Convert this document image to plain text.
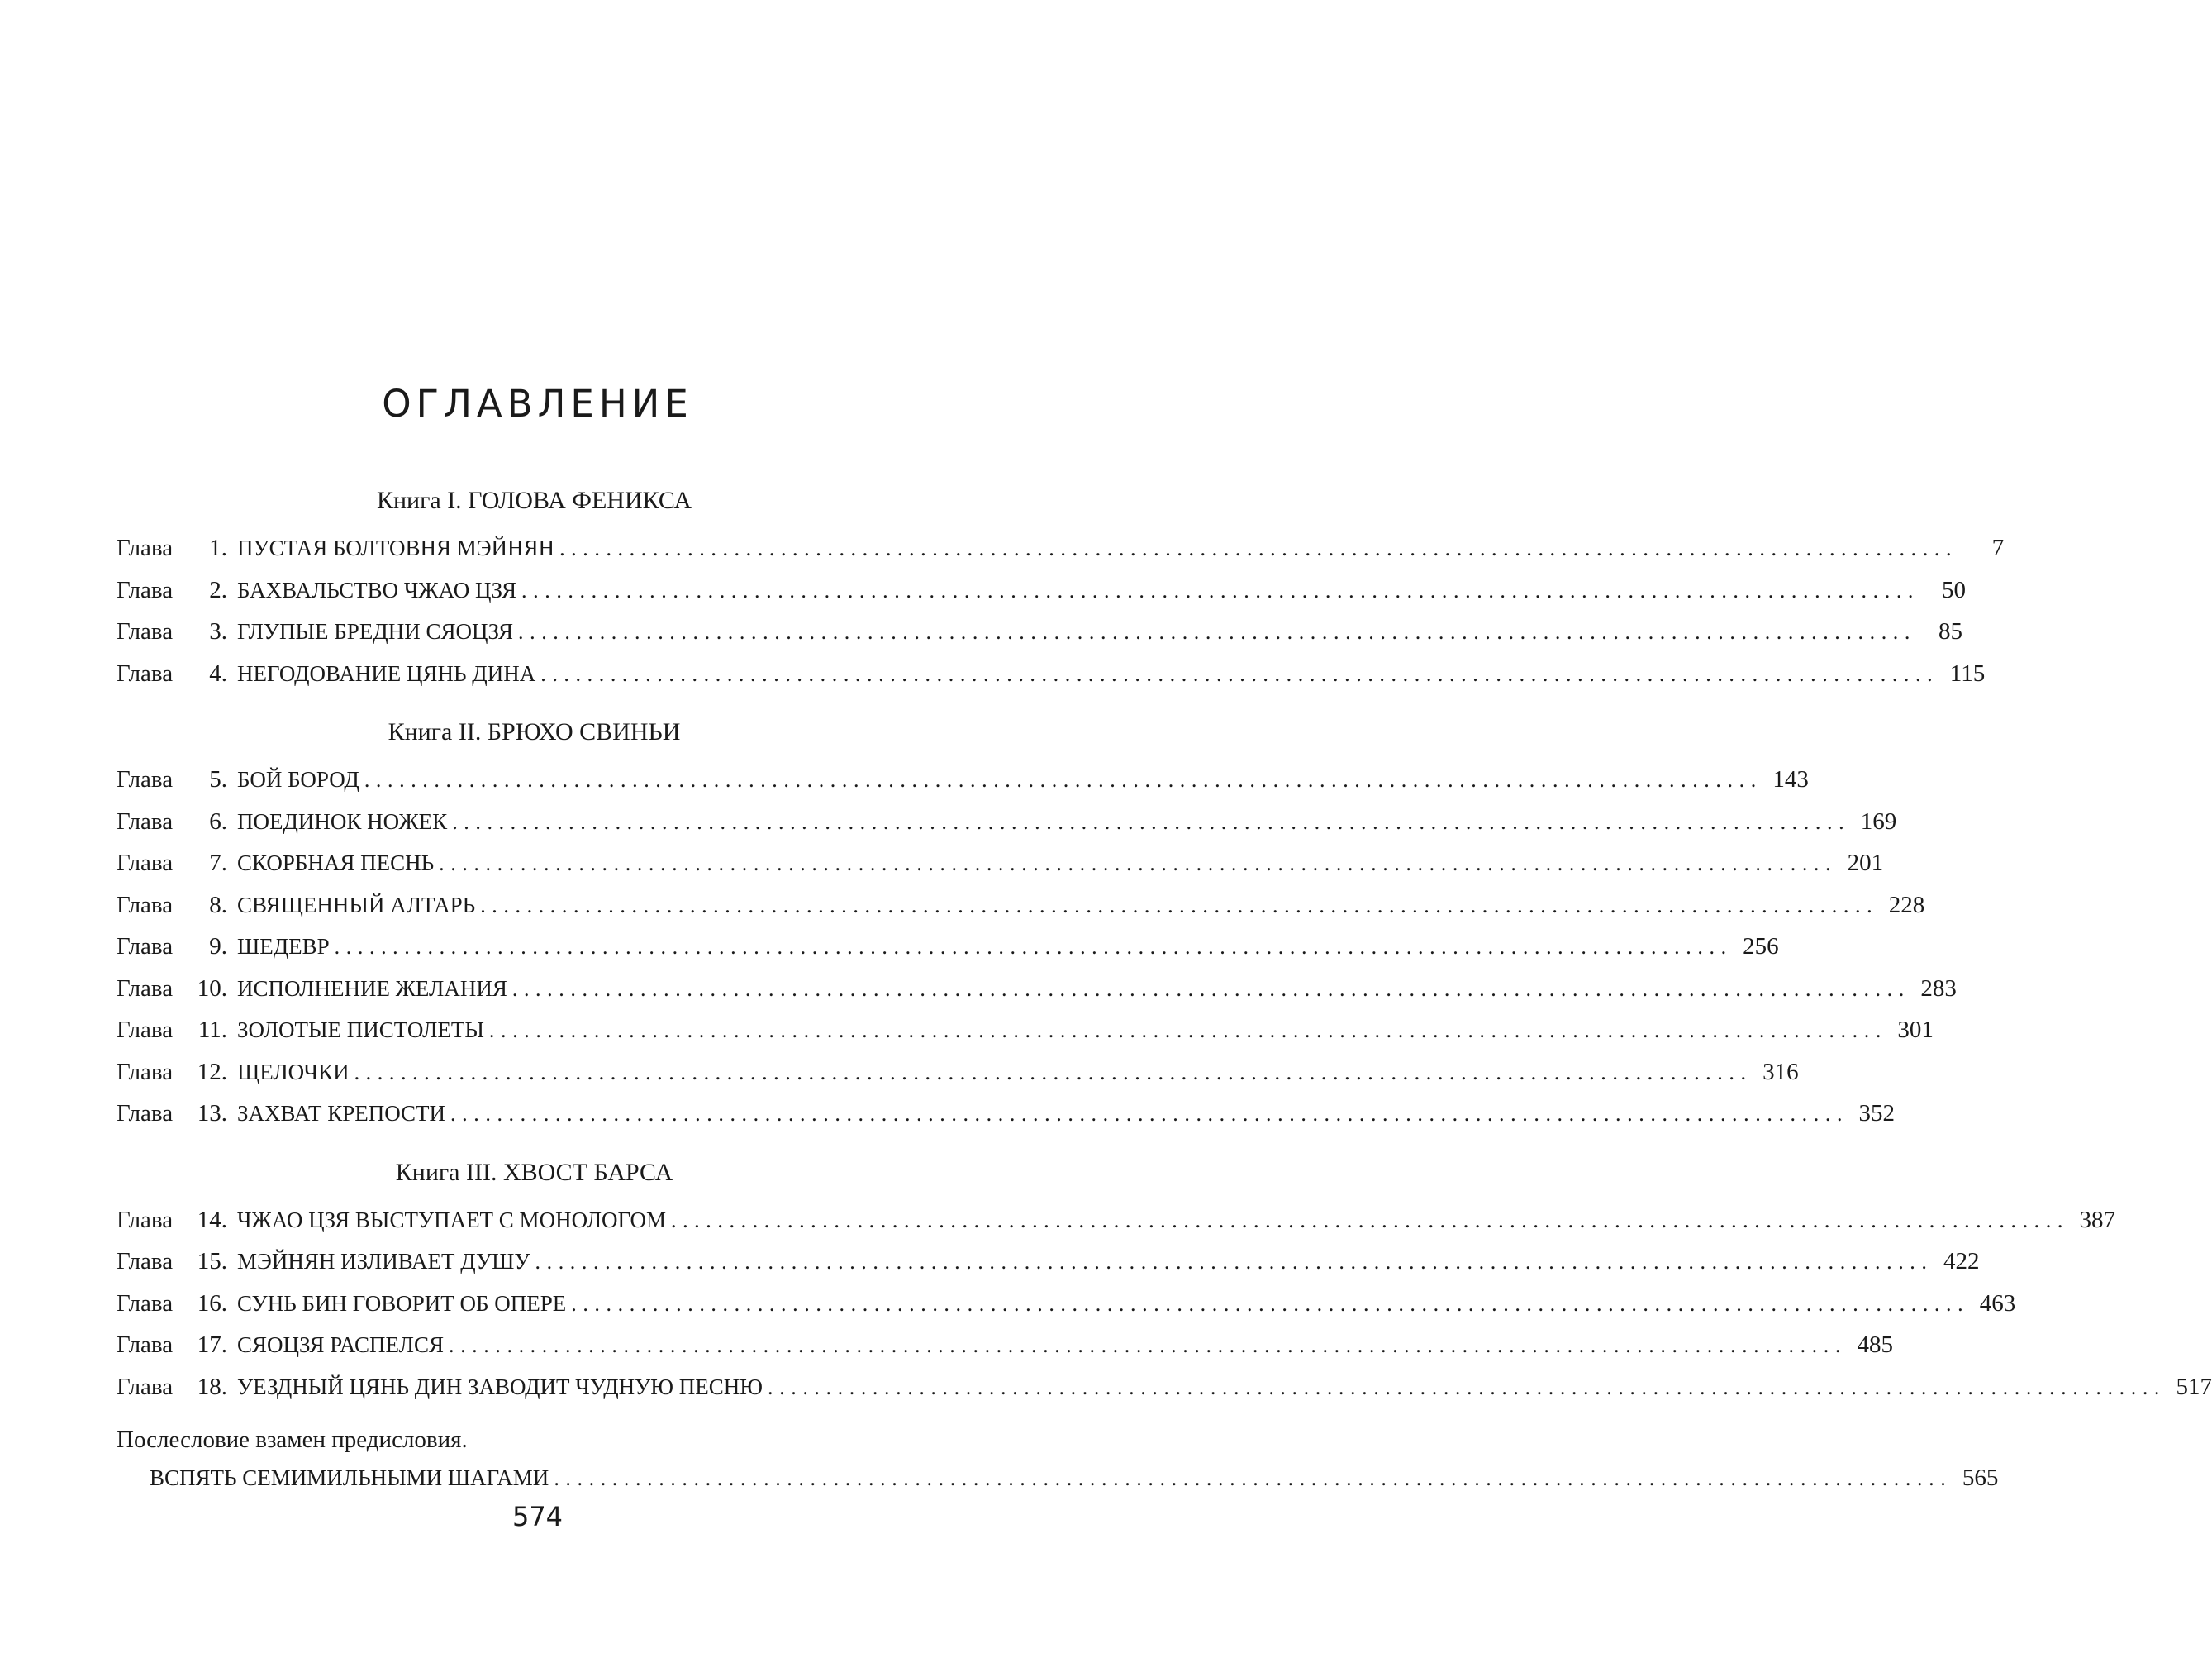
ОГЛАВЛЕНИЕ
Книга I. ГОЛОВА ФЕНИКСА
Глава	1. ПУСТАЯ БОЛТОВНЯ МЭЙНЯН ........................................................................................................................	7
Глава	2. БАХВАЛЬСТВО ЧЖАО ЦЗЯ ........................................................................................................................ 50
Глава	3. ГЛУПЫЕ БРЕДНИ СЯОЦЗЯ ........................................................................................................................ 85
Глава	4. НЕГОДОВАНИЕ ЦЯНЬ ДИНА ........................................................................................................................ 115
Книга II. БРЮХО СВИНЬИ
Глава	5. БОЙ БОРОД ........................................................................................................................ 143
Глава	6. ПОЕДИНОК НОЖЕК ........................................................................................................................ 169
Глава	7. СКОРБНАЯ ПЕСНЬ ........................................................................................................................ 201
Глава	8. СВЯЩЕННЫЙ АЛТАРЬ ........................................................................................................................ 228
Глава	9. ШЕДЕВР ........................................................................................................................ 256
Глава	10. ИСПОЛНЕНИЕ ЖЕЛАНИЯ ........................................................................................................................ 283
Глава	11. ЗОЛОТЫЕ ПИСТОЛЕТЫ ........................................................................................................................ 301
Глава	12. ЩЕЛОЧКИ ........................................................................................................................ 316
Глава	13. ЗАХВАТ КРЕПОСТИ ........................................................................................................................ 352
Книга III. ХВОСТ БАРСА
Глава	14. ЧЖАО ЦЗЯ ВЫСТУПАЕТ С МОНОЛОГОМ ........................................................................................................................ 387
Глава	15. МЭЙНЯН ИЗЛИВАЕТ ДУШУ ........................................................................................................................ 422
Глава	16. СУНЬ БИН ГОВОРИТ ОБ ОПЕРЕ ........................................................................................................................ 463
Глава	17. СЯОЦЗЯ РАСПЕЛСЯ ........................................................................................................................ 485
Глава	18. УЕЗДНЫЙ ЦЯНЬ ДИН ЗАВОДИТ ЧУДНУЮ ПЕСНЮ ........................................................................................................................ 517
Послесловие взамен предисловия.
ВСПЯТЬ СЕМИМИЛЬНЫМИ ШАГАМИ ........................................................................................................................ 565
574
